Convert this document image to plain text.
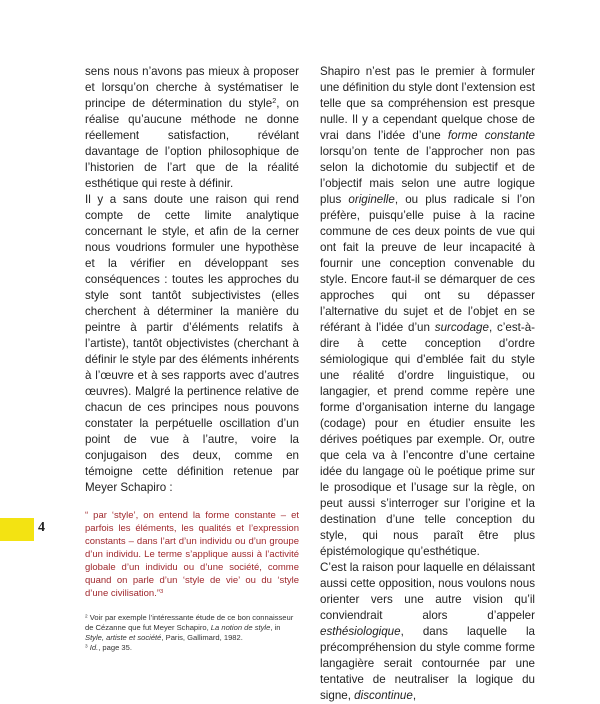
sens nous n’avons pas mieux à proposer et lorsqu’on cherche à systématiser le principe de détermination du style$^2$, on réalise qu’aucune méthode ne donne réellement satisfaction, révélant davantage de l’option philosophique de l’historien de l’art que de la réalité esthétique qui reste à définir.

Il y a sans doute une raison qui rend compte de cette limite analytique concernant le style, et afin de la cerner nous voudrions formuler une hypothèse et la vérifier en développant ses conséquences : toutes les approches du style sont tantôt subjectivistes (elles cherchent à déterminer la manière du peintre à partir d’éléments relatifs à l’artiste), tantôt objectivistes (cherchant à définir le style par des éléments inhérents à l’œuvre et à ses rapports avec d’autres œuvres). Malgré la pertinence relative de chacun de ces principes nous pouvons constater la perpétuelle oscillation d’un point de vue à l’autre, voire la conjugaison des deux, comme en témoigne cette définition retenue par Meyer Schapiro :

“ par ‘style’, on entend la forme constante – et parfois les éléments, les qualités et l’expression constants – dans l’art d’un individu ou d’un groupe d’un individu. Le terme s’applique aussi à l’activité globale d’un individu ou d’une société, comme quand on parle d’un ‘style de vie’ ou du ‘style d’une civilisation.”$^3$

$^2$ Voir par exemple l’intéressante étude de ce bon connaisseur de Cézanne que fut Meyer Schapiro, La notion de style, in Style, artiste et société, Paris, Gallimard, 1982.
$^3$ Id., page 35.

Shapiro n’est pas le premier à formuler une définition du style dont l’extension est telle que sa compréhension est presque nulle. Il y a cependant quelque chose de vrai dans l’idée d’une forme constante lorsqu’on tente de l’approcher non pas selon la dichotomie du subjectif et de l’objectif mais selon une autre logique plus originelle, ou plus radicale si l’on préfère, puisqu’elle puise à la racine commune de ces deux points de vue qui ont fait la preuve de leur incapacité à fournir une conception convenable du style. Encore faut-il se démarquer de ces approches qui ont su dépasser l’alternative du sujet et de l’objet en se référant à l’idée d’un surcodage, c’est-à-dire à cette conception d’ordre sémiologique qui d’emblée fait du style une réalité d’ordre linguistique, ou langagier, et prend comme repère une forme d’organisation interne du langage (codage) pour en étudier ensuite les dérives poétiques par exemple. Or, outre que cela va à l’encontre d’une certaine idée du langage où le poétique prime sur le prosodique et l’usage sur la règle, on peut aussi s’interroger sur l’origine et la destination d’une telle conception du style, qui nous paraît être plus épistémologique qu’esthétique.

C’est la raison pour laquelle en délaissant aussi cette opposition, nous voulons nous orienter vers une autre vision qu’il conviendrait alors d’appeler esthésiologique, dans laquelle la précompréhension du style comme forme langagière serait contournée par une tentative de neutraliser la logique du signe, discontinue,

4
